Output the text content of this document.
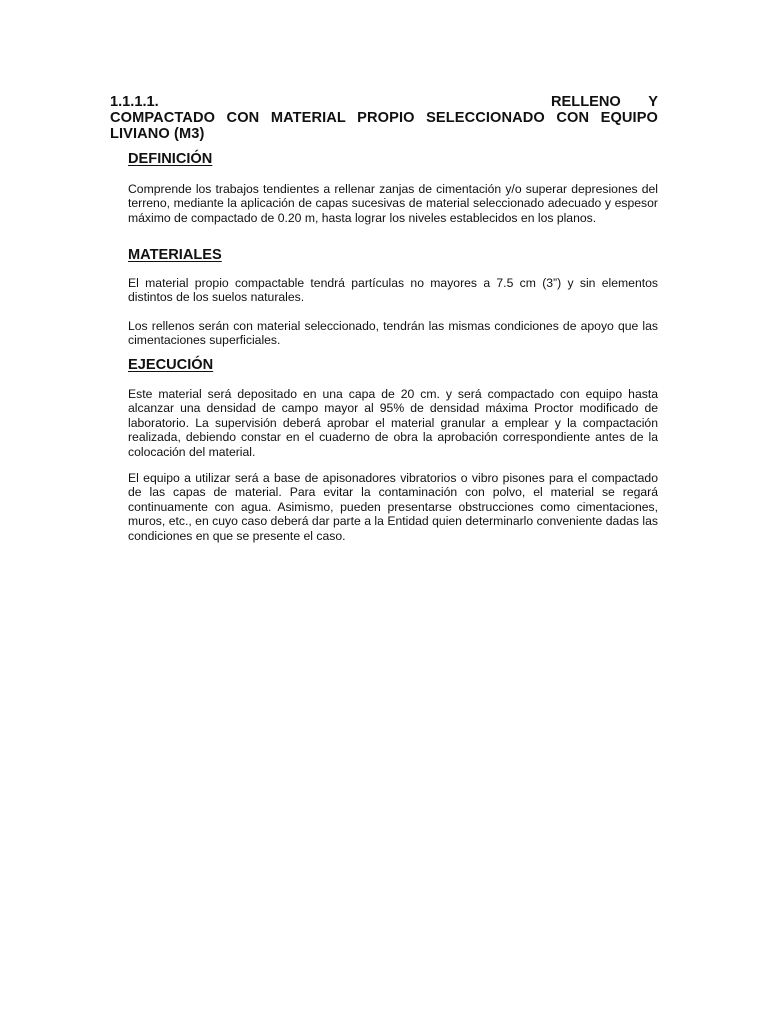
1.1.1.1.	RELLENO Y
COMPACTADO CON MATERIAL PROPIO SELECCIONADO CON EQUIPO
LIVIANO (M3)
DEFINICIÓN

Comprende los trabajos tendientes a rellenar zanjas de cimentación y/o superar depresiones del terreno, mediante la aplicación de capas sucesivas de material seleccionado adecuado y espesor máximo de compactado de 0.20 m, hasta lograr los niveles establecidos en los planos.

MATERIALES

El material propio compactable tendrá partículas no mayores a 7.5 cm (3”) y sin elementos distintos de los suelos naturales.

Los rellenos serán con material seleccionado, tendrán las mismas condiciones de apoyo que las cimentaciones superficiales.

EJECUCIÓN

Este material será depositado en una capa de 20 cm. y será compactado con equipo hasta alcanzar una densidad de campo mayor al 95% de densidad máxima Proctor modificado de laboratorio. La supervisión deberá aprobar el material granular a emplear y la compactación realizada, debiendo constar en el cuaderno de obra la aprobación correspondiente antes de la colocación del material.

El equipo a utilizar será a base de apisonadores vibratorios o vibro pisones para el compactado de las capas de material. Para evitar la contaminación con polvo, el material se regará continuamente con agua. Asimismo, pueden presentarse obstrucciones como cimentaciones, muros, etc., en cuyo caso deberá dar parte a la Entidad quien determinarlo conveniente dadas las condiciones en que se presente el caso.
